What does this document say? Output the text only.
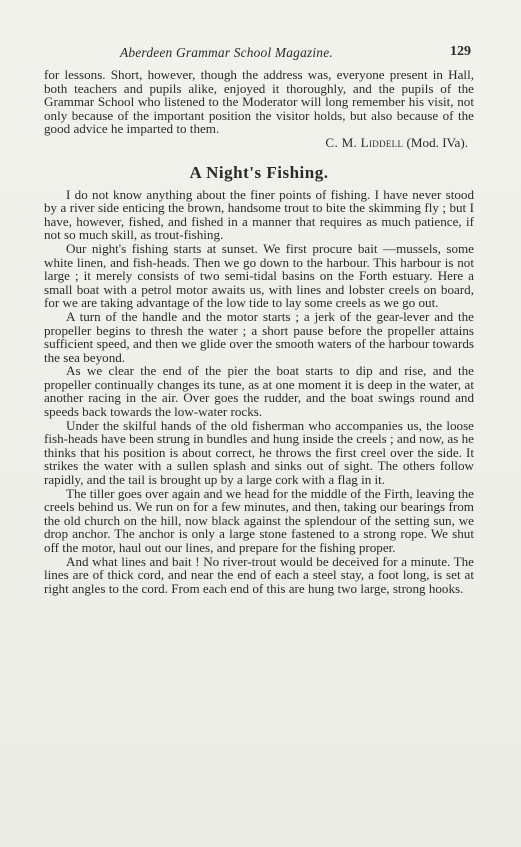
Aberdeen Grammar School Magazine.	129

for lessons. Short, however, though the address was, everyone present in Hall, both teachers and pupils alike, enjoyed it thoroughly, and the pupils of the Grammar School who listened to the Moderator will long remember his visit, not only because of the important position the visitor holds, but also because of the good advice he imparted to them.

C. M. Liddell (Mod. IVa).

A Night's Fishing.

I do not know anything about the finer points of fishing. I have never stood by a river side enticing the brown, handsome trout to bite the skimming fly ; but I have, however, fished, and fished in a manner that requires as much patience, if not so much skill, as trout-fishing.

Our night's fishing starts at sunset. We first procure bait —mussels, some white linen, and fish-heads. Then we go down to the harbour. This harbour is not large ; it merely consists of two semi-tidal basins on the Forth estuary. Here a small boat with a petrol motor awaits us, with lines and lobster creels on board, for we are taking advantage of the low tide to lay some creels as we go out.

A turn of the handle and the motor starts ; a jerk of the gear-lever and the propeller begins to thresh the water ; a short pause before the propeller attains sufficient speed, and then we glide over the smooth waters of the harbour towards the sea beyond.

As we clear the end of the pier the boat starts to dip and rise, and the propeller continually changes its tune, as at one moment it is deep in the water, at another racing in the air. Over goes the rudder, and the boat swings round and speeds back towards the low-water rocks.

Under the skilful hands of the old fisherman who accompanies us, the loose fish-heads have been strung in bundles and hung inside the creels ; and now, as he thinks that his position is about correct, he throws the first creel over the side. It strikes the water with a sullen splash and sinks out of sight. The others follow rapidly, and the tail is brought up by a large cork with a flag in it.

The tiller goes over again and we head for the middle of the Firth, leaving the creels behind us. We run on for a few minutes, and then, taking our bearings from the old church on the hill, now black against the splendour of the setting sun, we drop anchor. The anchor is only a large stone fastened to a strong rope. We shut off the motor, haul out our lines, and prepare for the fishing proper.

And what lines and bait ! No river-trout would be deceived for a minute. The lines are of thick cord, and near the end of each a steel stay, a foot long, is set at right angles to the cord. From each end of this are hung two large, strong hooks.
